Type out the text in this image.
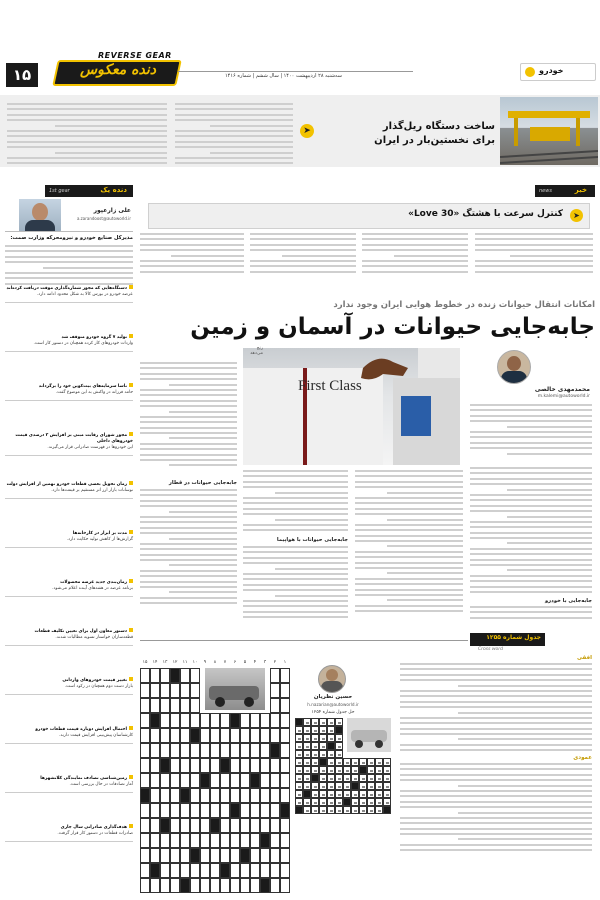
REVERSE GEAR
دنده معکوس
۱۵	سه‌شنبه ۲۸ اردیبهشت ۱۴۰۰ | سال ششم | شماره ۱۴۱۶
خودرو
ساخت دستگاه ریل‌گذار
برای نخستین‌بار در ایران
➤
دنده یک
1st gear
علی زارعپور
a.zarandoost@autoworld.ir
مدیرکل صنایع خودرو و نیرومحرکه وزارت صمت:
دستگاه‌هایی که مجوز شماره‌گذاری موقت دریافت کرده‌اند
عرضه خودرو در بورس کالا به شکل محدود ادامه دارد.
تولید ۷ گروه خودرو متوقف شد
واردات خودروهای کار کرده همچنان در دستور کار است.
ناسا سرمایه‌های بیت‌کوین خود را برگرداند
حامد فرزانه در واکنش به این موضوع گفت.
مجوز شورای رقابت مبنی بر افزایش ۳ درصدی قیمت خودروهای داخلی
این خودروها در فهرست صادراتی قرار می‌گیرند.
زمان تحویل بعضی قطعات خودرو نهمین از افزایش دولت
نوسانات بازار ارز اثر مستقیم بر قیمت‌ها دارد.
مدت بر ابزار در کارخانه‌ها
گزارش‌ها از کاهش تولید حکایت دارد.
زمان‌بندی جدید عرضه محصولات
برنامه عرضه در هفته‌های آینده اعلام می‌شود.
دستور معاون اول برای تعیین تکلیف قطعات
قطعه‌سازان خواستار تسویه مطالبات شدند.
تغییر قیمت خودروهای وارداتی
بازار دست دوم همچنان در رکود است.
احتمال افزایش دوباره قیمت قطعات خودرو
کارشناسان پیش‌بینی افزایش قیمت دارند.
زمین‌شناسی تصادف نمایندگی کلانشهرها
آمار تصادفات در حال بررسی است.
هدف‌گذاری صادراتی سال جاری
صادرات قطعات در دستور کار قرار گرفت.
خبر
news
کنترل سرعت با هشتگ «Love 30»	➤
امکانات انتقال حیوانات زنده در خطوط هوایی ایران وجود ندارد
جابه‌جایی حیوانات در آسمان و زمین
First Class
رنج می‌دهد
محمدمهدی خالصی
m.kalemi@autoworld.ir
جابه‌جایی با خودرو
جابه‌جایی حیوانات با هواپیما
جابه‌جایی حیوانات در قطار
جدول شماره ۱۲۵۵
Cross word
حسین نظریان
h.nazarian@autoworld.ir
حل جدول شماره ۱۲۵۴
۱
۲
۳
۴
۵
۶
۷
۸
۹
۱۰
۱۱
۱۲
۱۳
۱۴
۱۵
افقی
عمودی
